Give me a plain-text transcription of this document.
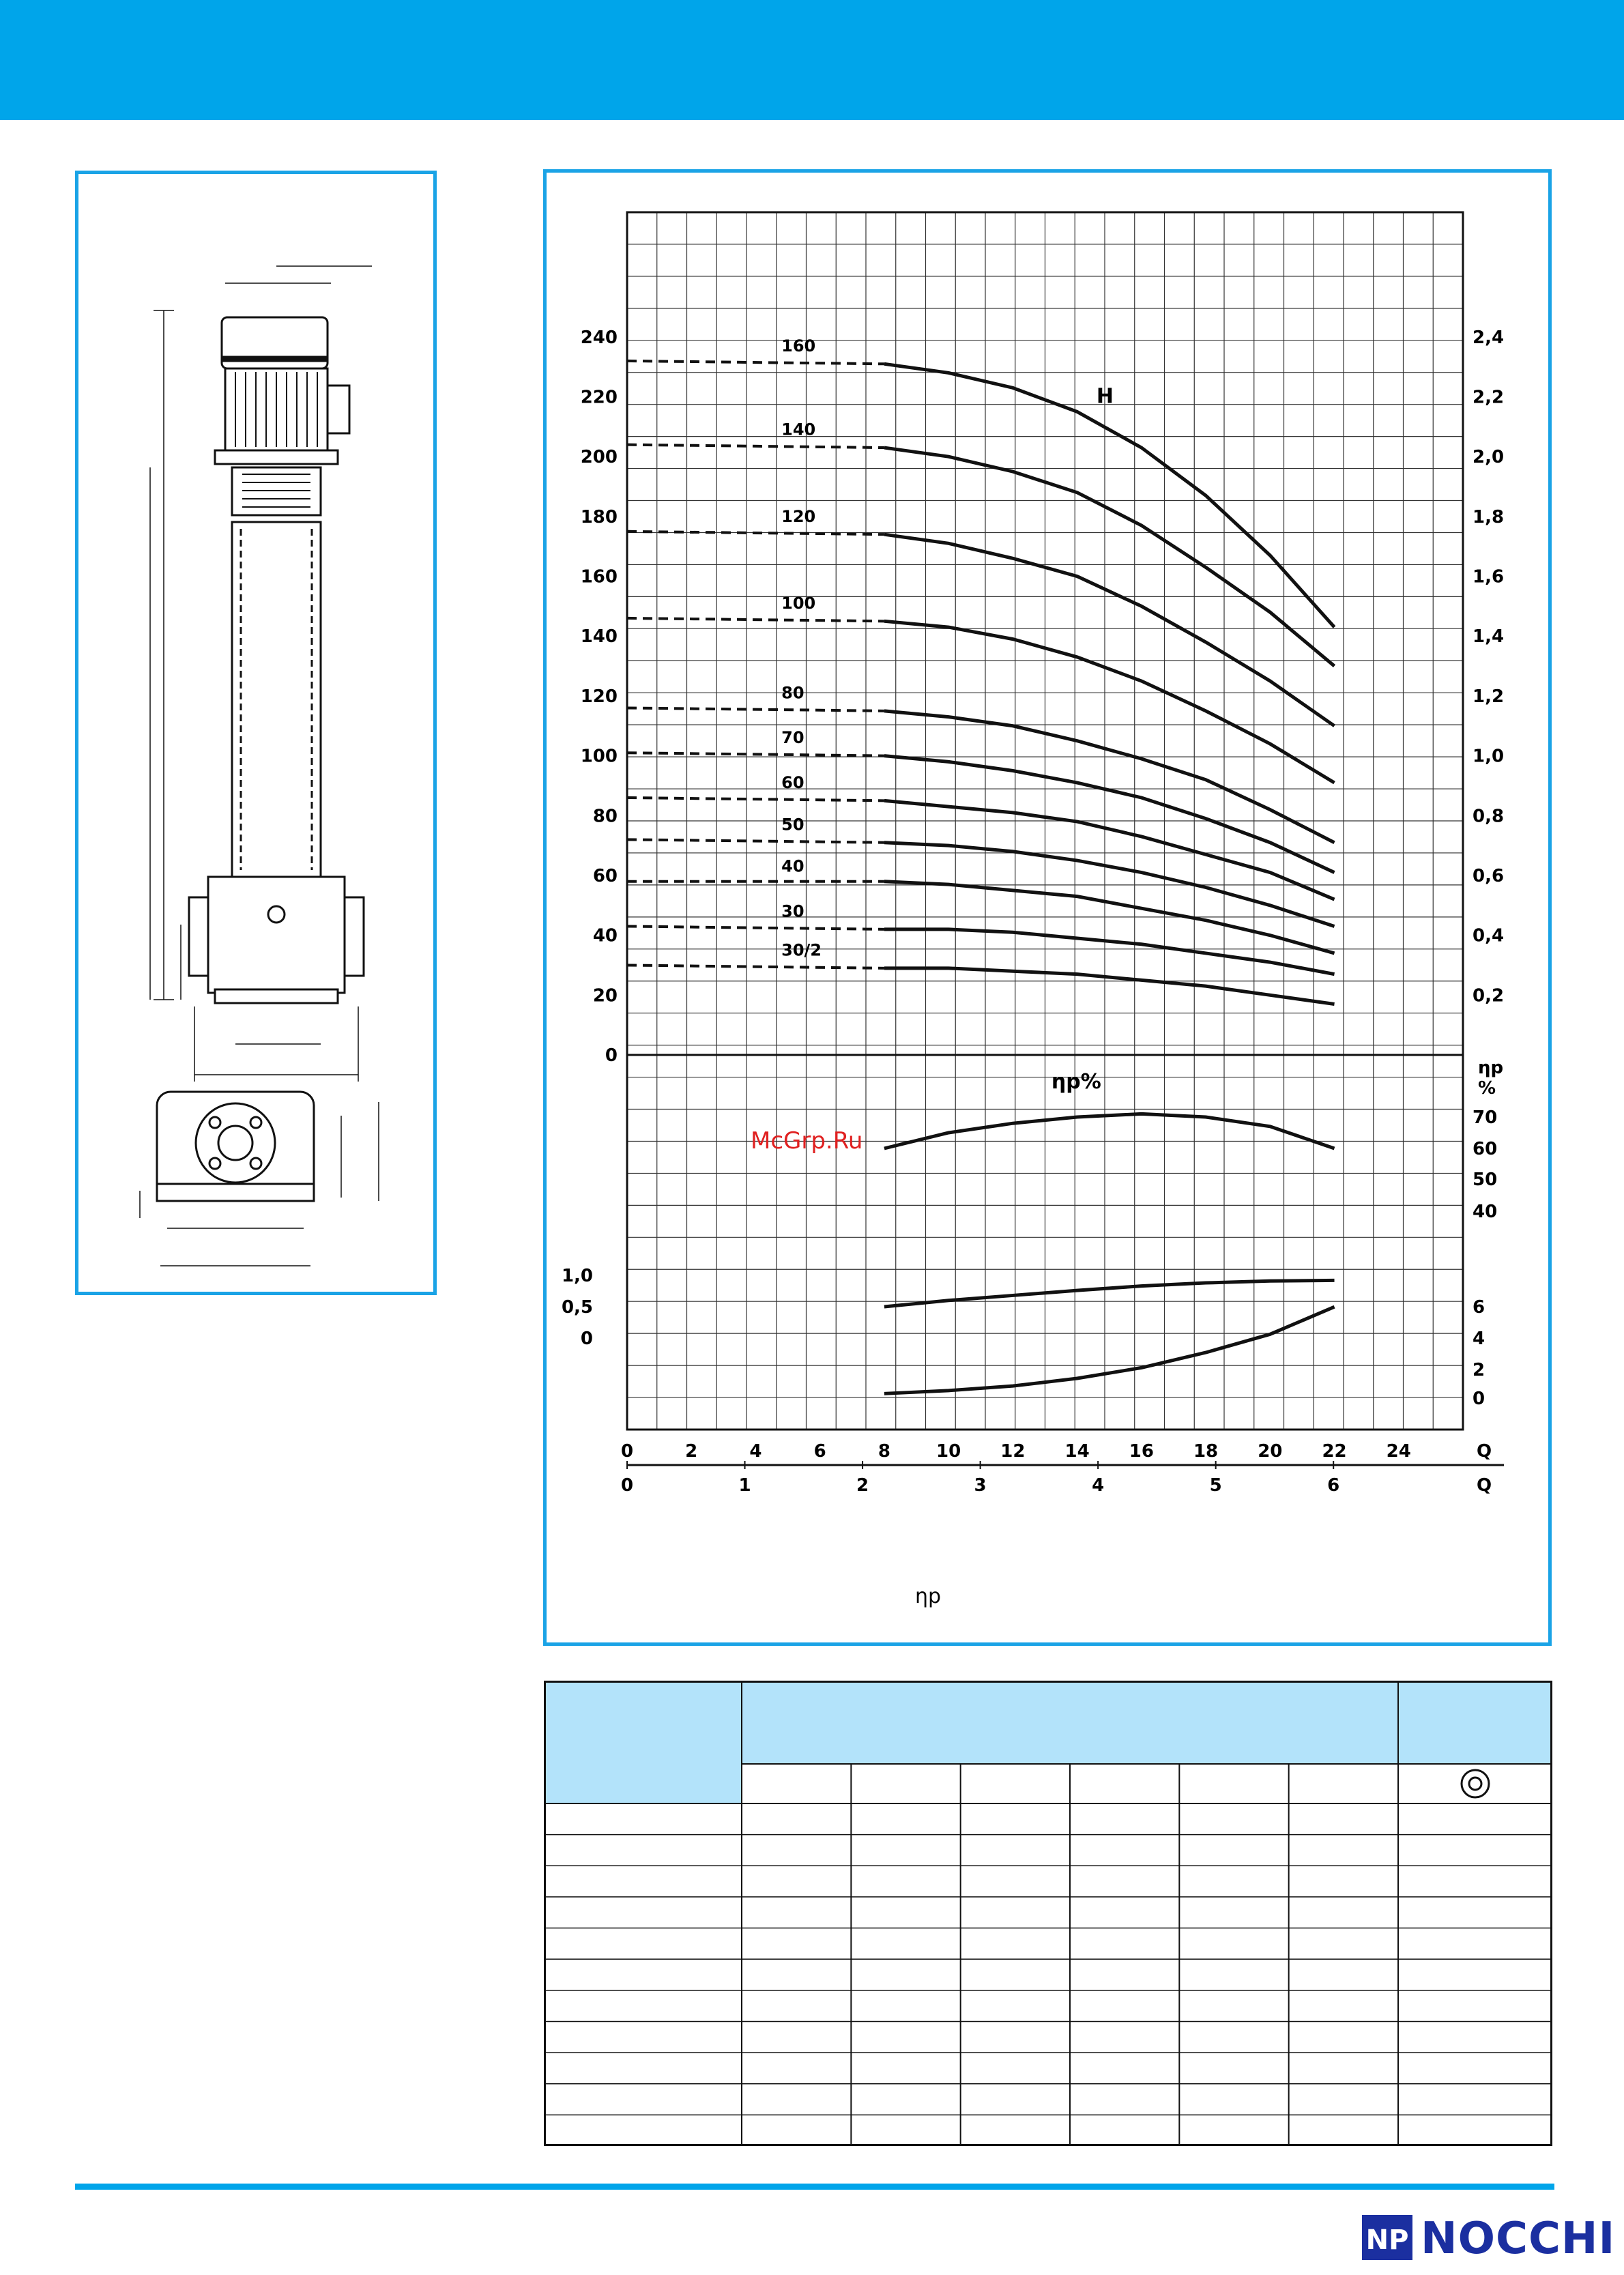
0	2	4	6	8	10 12 14 16 18 20 22 24	Q
0	1	2	3	4	5	6	Q
0
20
40
60
80
100
120
140
160
180
200
220
240
0,2
0,4
0,6
0,8
1,0
1,2
1,4
1,6
1,8
2,0
2,2
2,4
0
0,5
1,0
70
60
50
40
6
4
2
0
ηp
%
160
140
120
100
80
70
60
50
40
30
30/2
H
ηp%
ηp
McGrp.Ru
NP NOCCHI
